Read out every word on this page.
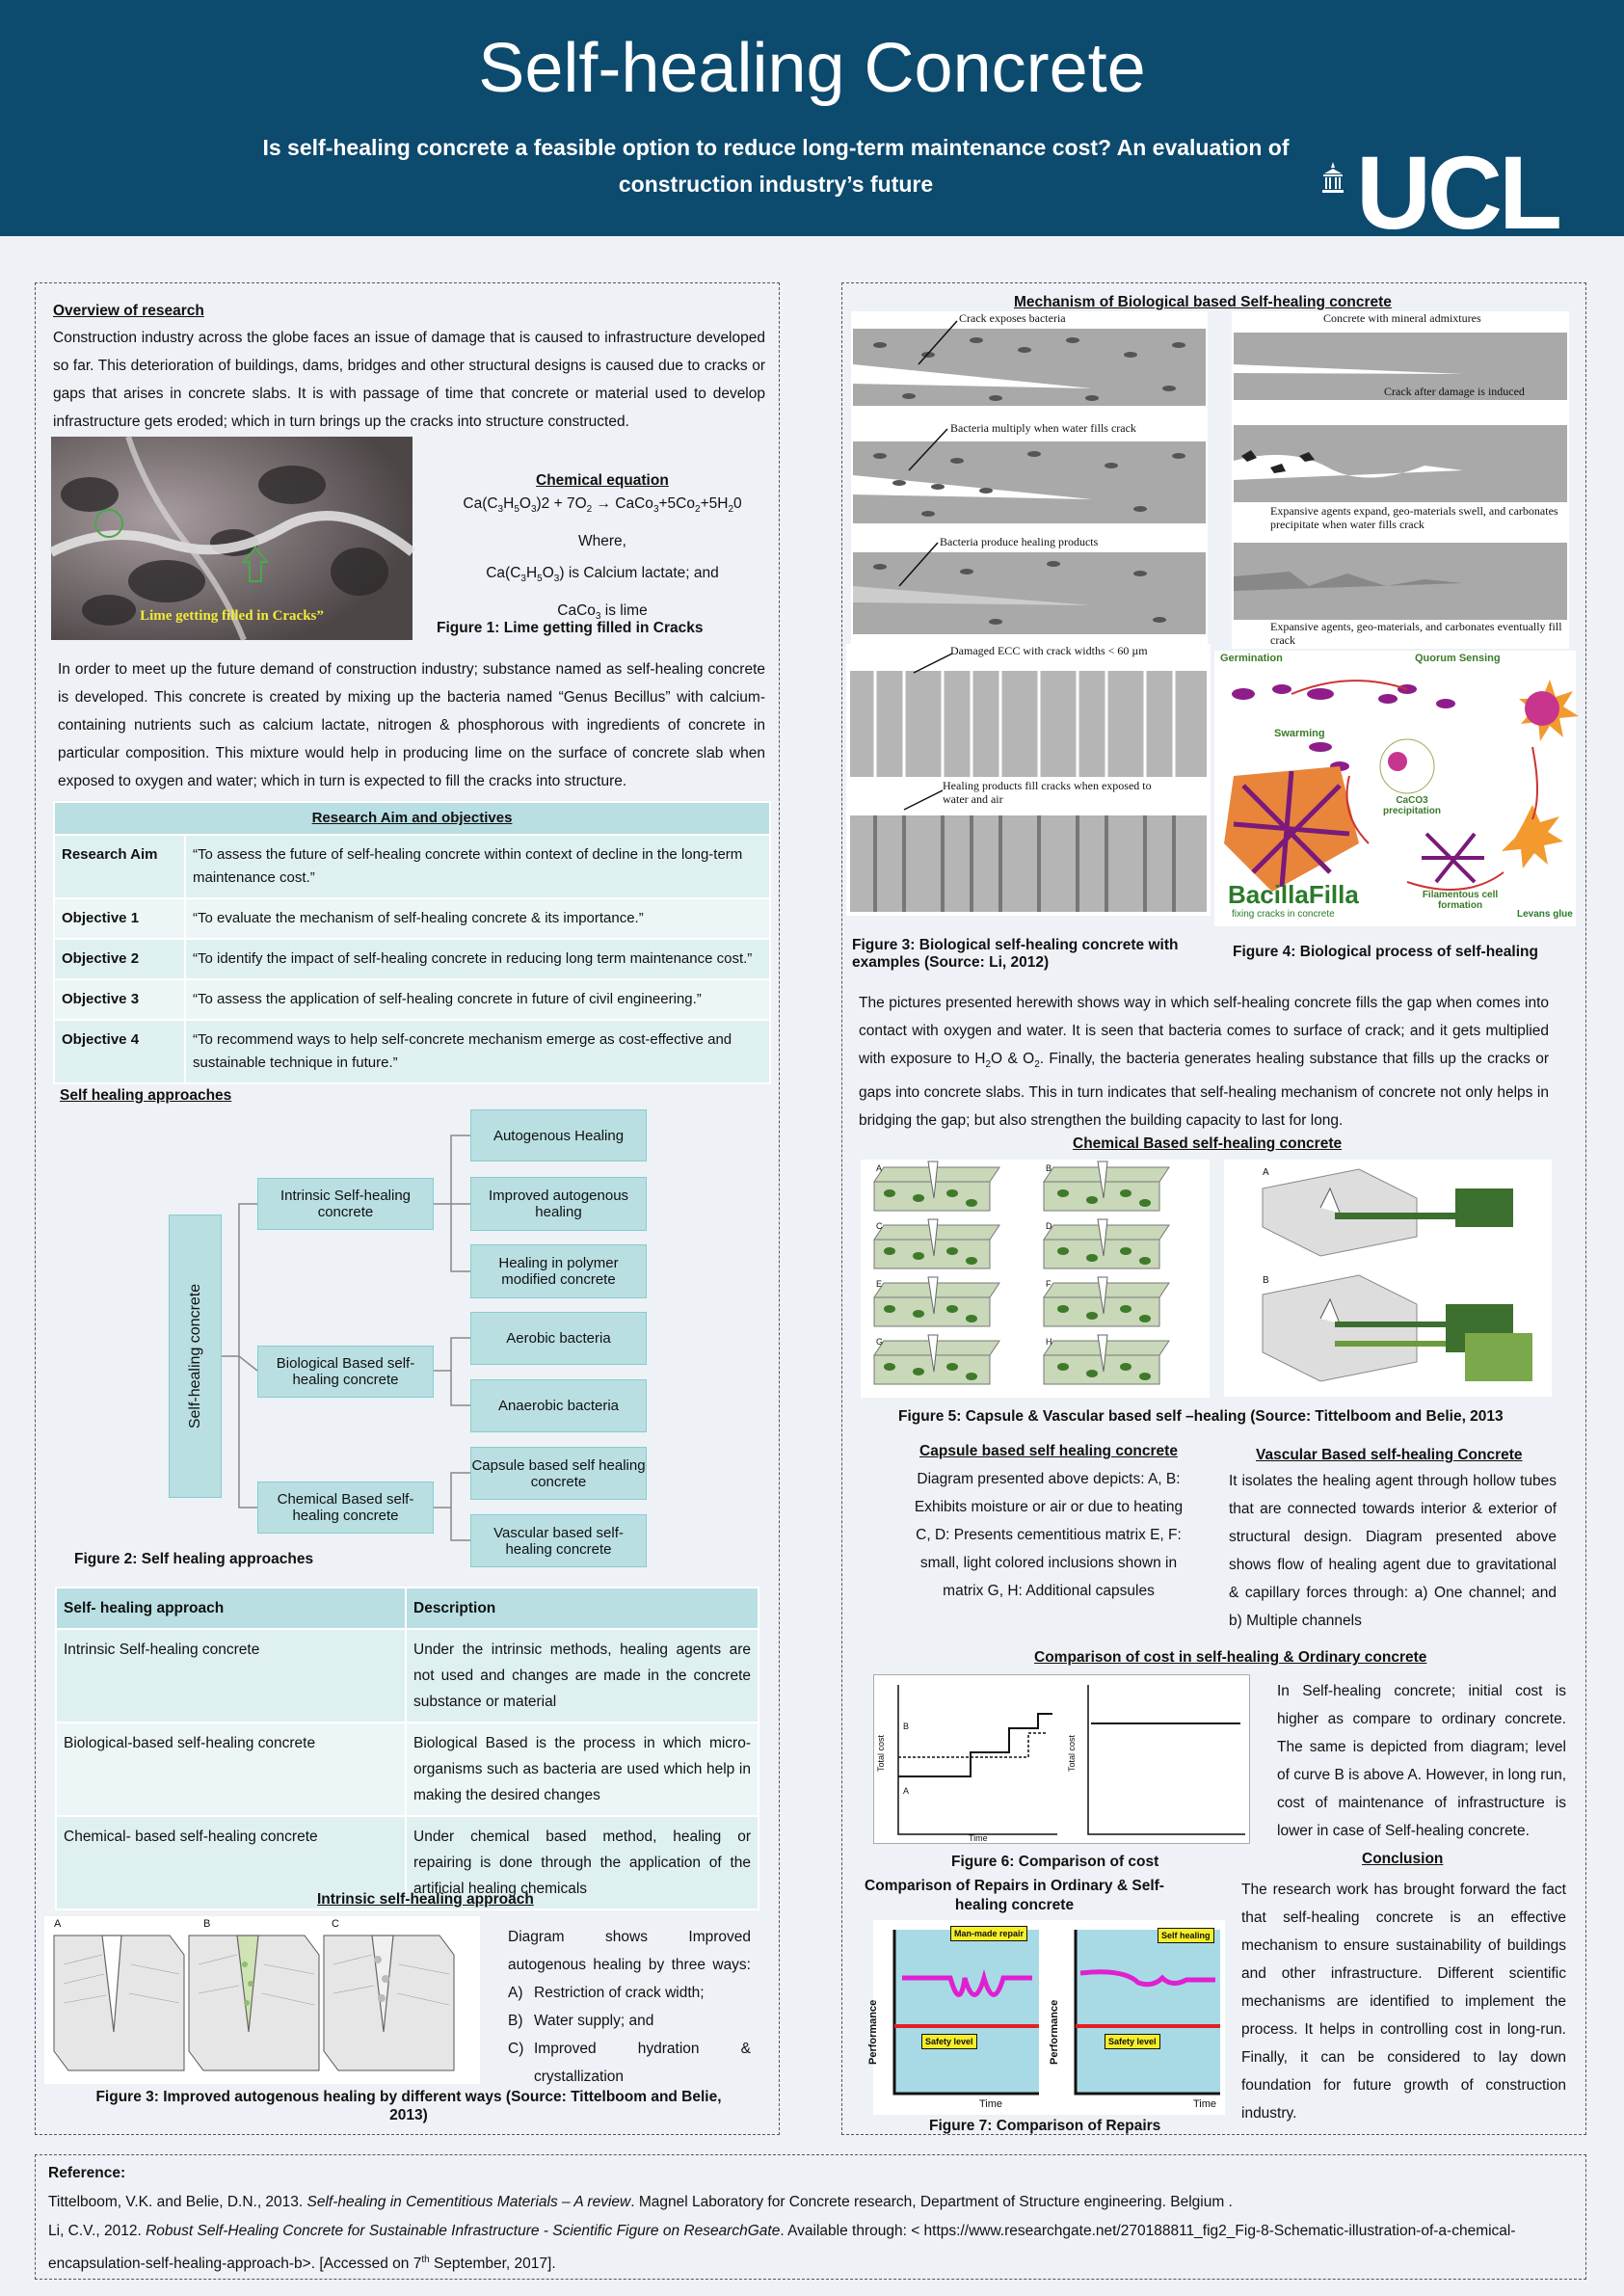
Self-healing Concrete
Is self-healing concrete a feasible option to reduce long-term maintenance cost? An evaluation of construction industry’s future	UCL
Overview of research
Construction industry across the globe faces an issue of damage that is caused to infrastructure developed so far. This deterioration of buildings, dams, bridges and other structural designs is caused due to cracks or gaps that arises in concrete slabs. It is with passage of time that concrete or material used to develop infrastructure gets eroded; which in turn brings up the cracks into structure constructed.
Lime getting filled in Cracks”
Chemical equation
$Ca(C_3H_5O_3)2 + 7O_2$ → $CaCo_3+5Co_2+5H_20$
Where,
$Ca(C_3H_5O_3)$ is Calcium lactate; and
CaCo$_3$ is lime
Figure 1: Lime getting filled in Cracks
In order to meet up the future demand of construction industry; substance named as self-healing concrete is developed. This concrete is created by mixing up the bacteria named “Genus Becillus” with calcium-containing nutrients such as calcium lactate, nitrogen & phosphorous with ingredients of concrete in particular composition. This mixture would help in producing lime on the surface of concrete slab when exposed to oxygen and water; which in turn is expected to fill the cracks into structure.
Research Aim and objectives	
Research Aim	“To assess the future of self-healing concrete within context of decline in the long-term maintenance cost.”
Objective 1	“To evaluate the mechanism of self-healing concrete & its importance.”
Objective 2	“To identify the impact of self-healing concrete in reducing long term maintenance cost.”
Objective 3	“To assess the application of self-healing concrete in future of civil engineering.”
Objective 4	“To recommend ways to help self-concrete mechanism emerge as cost-effective and sustainable technique in future.”
Self healing approaches
Self-healing concrete
Intrinsic Self-healing concrete
Biological Based self-healing concrete
Chemical Based self-healing concrete
Autogenous Healing
Improved autogenous healing
Healing in polymer modified concrete
Aerobic bacteria
Anaerobic bacteria
Capsule based self healing concrete
Vascular based self-healing concrete
Figure 2: Self healing approaches
Self- healing approach	Description
Intrinsic Self-healing concrete	Under the intrinsic methods, healing agents are not used and changes are made in the concrete substance or material
Biological-based self-healing concrete	Biological Based is the process in which micro-organisms such as bacteria are used which help in making the desired changes
Chemical- based self-healing concrete	Under chemical based method, healing or repairing is done through the application of the artificial healing chemicals
Intrinsic self-healing approach
A	B	C
Diagram shows Improved autogenous healing by three ways:
A) Restriction of crack width;
B) Water supply; and
C) Improved hydration & crystallization
Figure 3: Improved autogenous healing by different ways (Source: Tittelboom and Belie, 2013)
Mechanism of Biological based Self-healing concrete
Crack exposes bacteria
Bacteria multiply when water fills crack
Bacteria produce healing products
Concrete with mineral admixtures
Crack after damage is induced
Expansive agents expand, geo-materials swell, and carbonates precipitate when water fills crack
Expansive agents, geo-materials, and carbonates eventually fill crack
Damaged ECC with crack widths < 60 µm
Healing products fill cracks when exposed to water and air
Germination	Quorum Sensing
Swarming
CaCO3 precipitation
Filamentous cell formation
BacillaFilla
fixing cracks in concrete	Levans glue
Figure 3: Biological self-healing concrete with examples (Source: Li, 2012)
Figure 4: Biological process of self-healing
The pictures presented herewith shows way in which self-healing concrete fills the gap when comes into contact with oxygen and water. It is seen that bacteria comes to surface of crack; and it gets multiplied with exposure to $H_2O$ & $O_2$. Finally, the bacteria generates healing substance that fills up the cracks or gaps into concrete slabs. This in turn indicates that self-healing mechanism of concrete not only helps in bridging the gap; but also strengthen the building capacity to last for long.
Chemical Based self-healing concrete
A	B
C	D
E	F
G	H
A
B
Figure 5: Capsule & Vascular based self –healing (Source: Tittelboom and Belie, 2013
Capsule based self healing concrete Diagram presented above depicts: A, B: Exhibits moisture or air or due to heating C, D: Presents cementitious matrix E, F: small, light colored inclusions shown in matrix G, H: Additional capsules
Vascular Based self-healing Concrete
It isolates the healing agent through hollow tubes that are connected towards interior & exterior of structural design. Diagram presented above shows flow of healing agent due to gravitational & capillary forces through: a) One channel; and b) Multiple channels
Comparison of cost in self-healing & Ordinary concrete
Total cost	Total cost
B
A
Time
In Self-healing concrete; initial cost is higher as compare to ordinary concrete. The same is depicted from diagram; level of curve B is above A. However, in long run, cost of maintenance of infrastructure is lower in case of Self-healing concrete.
Figure 6: Comparison of cost	Conclusion
The research work has brought forward the fact that self-healing concrete is an effective mechanism to ensure sustainability of buildings and other infrastructure. Different scientific mechanisms are identified to implement the process. It helps in controlling cost in long-run. Finally, it can be considered to lay down foundation for future growth of construction industry.
Comparison of Repairs in Ordinary & Self-healing concrete
Performance	Performance
Man-made repair	Self healing
Safety level	Safety level
Time	Time
Figure 7: Comparison of Repairs
Reference:
Tittelboom, V.K. and Belie, D.N., 2013. Self-healing in Cementitious Materials – A review. Magnel Laboratory for Concrete research, Department of Structure engineering. Belgium .
Li, C.V., 2012. Robust Self-Healing Concrete for Sustainable Infrastructure - Scientific Figure on ResearchGate. Available through: < https://www.researchgate.net/270188811_fig2_Fig-8-Schematic-illustration-of-a-chemical-
encapsulation-self-healing-approach-b>. [Accessed on 7th September, 2017].
